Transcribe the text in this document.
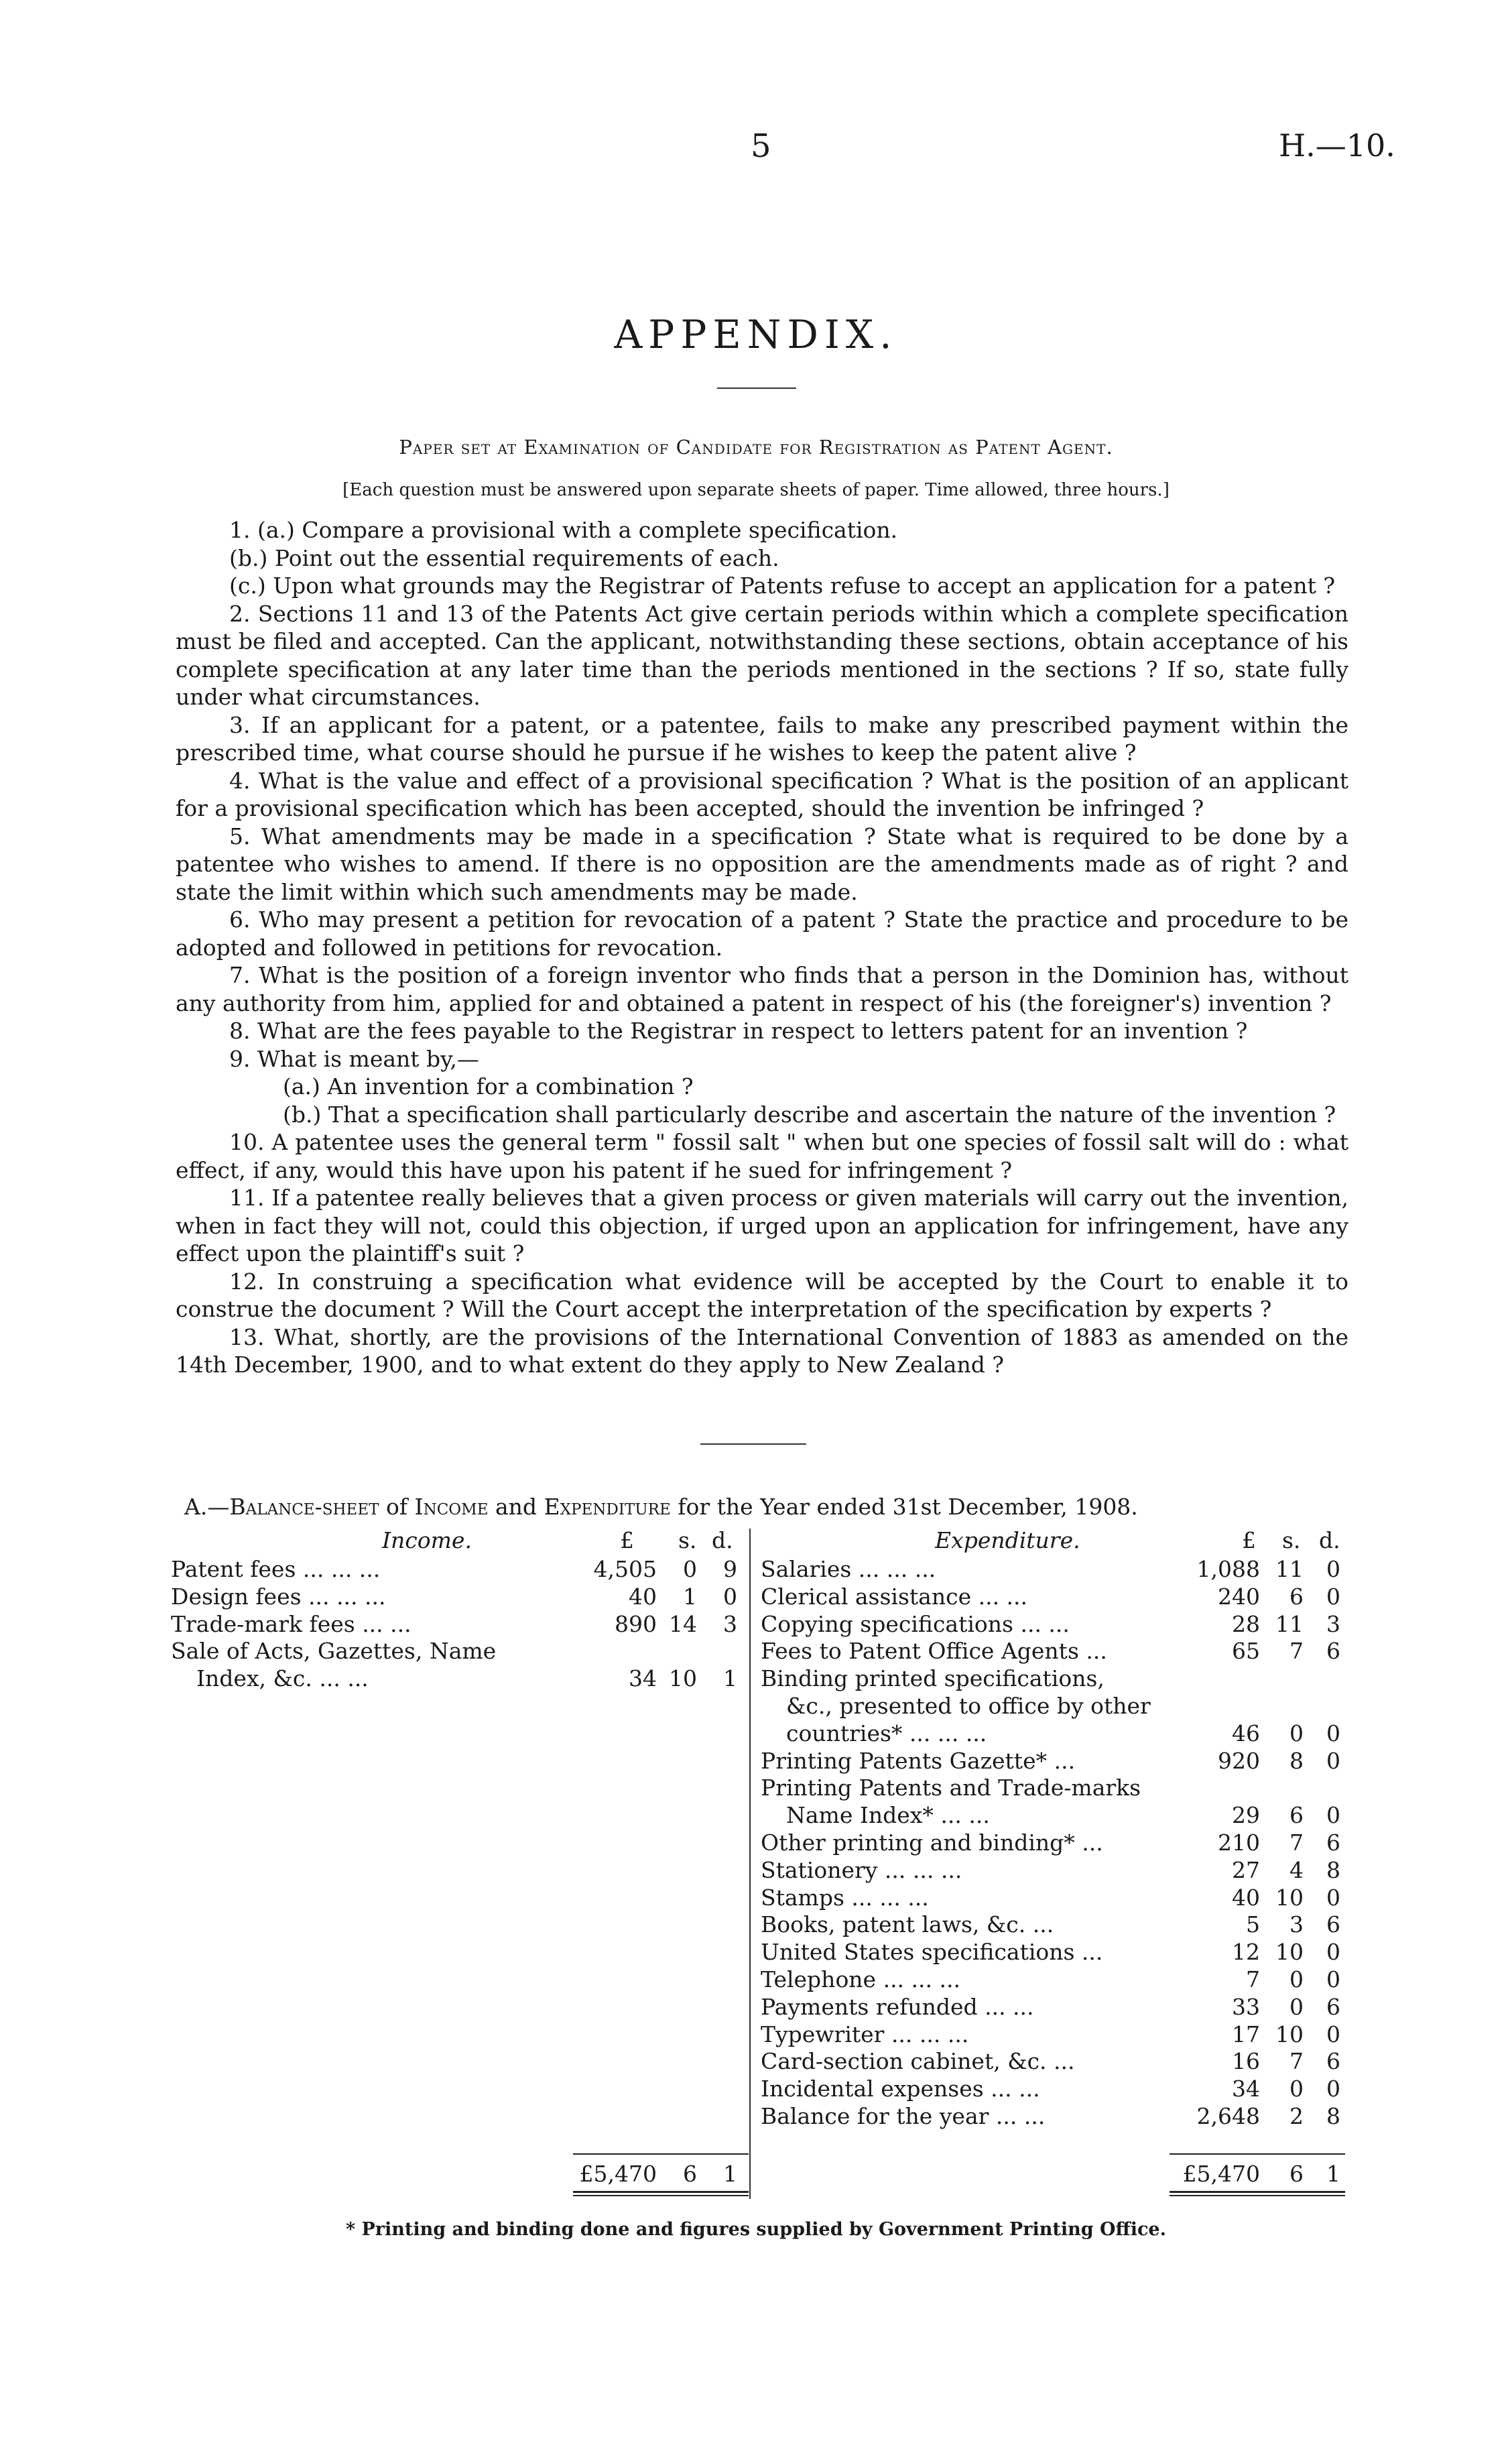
5	H.—10.
APPENDIX.
Paper set at Examination of Candidate for Registration as Patent Agent.
[Each question must be answered upon separate sheets of paper. Time allowed, three hours.]
1. (a.) Compare a provisional with a complete specification.
(b.) Point out the essential requirements of each.
(c.) Upon what grounds may the Registrar of Patents refuse to accept an application for a patent ?
2. Sections 11 and 13 of the Patents Act give certain periods within which a complete specification must be filed and accepted. Can the applicant, notwithstanding these sections, obtain acceptance of his complete specification at any later time than the periods mentioned in the sections ? If so, state fully under what circumstances.
3. If an applicant for a patent, or a patentee, fails to make any prescribed payment within the prescribed time, what course should he pursue if he wishes to keep the patent alive ?
4. What is the value and effect of a provisional specification ? What is the position of an applicant for a provisional specification which has been accepted, should the invention be infringed ?
5. What amendments may be made in a specification ? State what is required to be done by a patentee who wishes to amend. If there is no opposition are the amendments made as of right ? and state the limit within which such amendments may be made.
6. Who may present a petition for revocation of a patent ? State the practice and procedure to be adopted and followed in petitions for revocation.
7. What is the position of a foreign inventor who finds that a person in the Dominion has, without any authority from him, applied for and obtained a patent in respect of his (the foreigner's) invention ?
8. What are the fees payable to the Registrar in respect to letters patent for an invention ?
9. What is meant by,—
(a.) An invention for a combination ?
(b.) That a specification shall particularly describe and ascertain the nature of the invention ?
10. A patentee uses the general term " fossil salt " when but one species of fossil salt will do : what effect, if any, would this have upon his patent if he sued for infringement ?
11. If a patentee really believes that a given process or given materials will carry out the invention, when in fact they will not, could this objection, if urged upon an application for infringement, have any effect upon the plaintiff's suit ?
12. In construing a specification what evidence will be accepted by the Court to enable it to construe the document ? Will the Court accept the interpretation of the specification by experts ?
13. What, shortly, are the provisions of the International Convention of 1883 as amended on the 14th December, 1900, and to what extent do they apply to New Zealand ?
A.—Balance-sheet of Income and Expenditure for the Year ended 31st December, 1908.
Income.	Expenditure.
£ s. d.	£ s. d.
Patent fees ... ... ...	4,505	0	9
Design fees ... ... ...	40	1	0
Trade-mark fees ... ...	890 14	3
Sale of Acts, Gazettes, Name
Index, &c. ... ...	34 10	1
Salaries ... ... ...	1,088 11	0
Clerical assistance ... ...	240	6	0
Copying specifications ... ...	28 11	3
Fees to Patent Office Agents ...	65	7	6
Binding printed specifications,
&c., presented to office by other
countries* ... ... ...	46	0	0
Printing Patents Gazette* ...	920	8	0
Printing Patents and Trade-marks
Name Index* ... ...	29	6	0
Other printing and binding* ...	210	7	6
Stationery ... ... ...	27	4	8
Stamps ... ... ...	40 10	0
Books, patent laws, &c. ...	5	3	6
United States specifications ...	12 10	0
Telephone ... ... ...	7	0	0
Payments refunded ... ...	33	0	6
Typewriter ... ... ...	17 10	0
Card-section cabinet, &c. ...	16	7	6
Incidental expenses ... ...	34	0	0
Balance for the year ... ...	2,648	2	8
£5,470	6	1	£5,470	6	1
* Printing and binding done and figures supplied by Government Printing Office.
